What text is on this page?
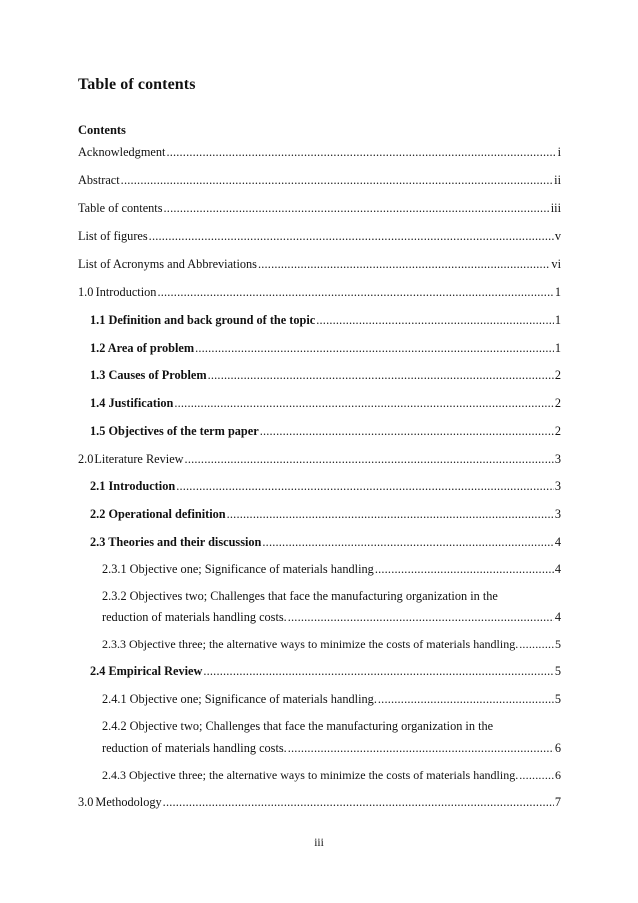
Table of contents
Contents
Acknowledgment .....	i
Abstract .....	ii
Table of contents .....	iii
List of figures .....	v
List of Acronyms and Abbreviations .....	vi
1.0 Introduction .....	1
1.1 Definition and back ground of the topic .....	1
1.2 Area of problem .....	1
1.3 Causes of Problem .....	2
1.4 Justification .....	2
1.5 Objectives of the term paper .....	2
2.0 Literature Review .....	3
2.1 Introduction .....	3
2.2 Operational definition .....	3
2.3 Theories and their discussion .....	4
2.3.1 Objective one; Significance of materials handling .....	4
2.3.2 Objectives two; Challenges that face the manufacturing organization in the
reduction of materials handling costs. .....	4
2.3.3 Objective three; the alternative ways to minimize the costs of materials handling. .....	5
2.4 Empirical Review .....	5
2.4.1 Objective one; Significance of materials handling. .....	5
2.4.2 Objective two; Challenges that face the manufacturing organization in the
reduction of materials handling costs. .....	6
2.4.3 Objective three; the alternative ways to minimize the costs of materials handling. .....	6
3.0 Methodology .....	7
iii
